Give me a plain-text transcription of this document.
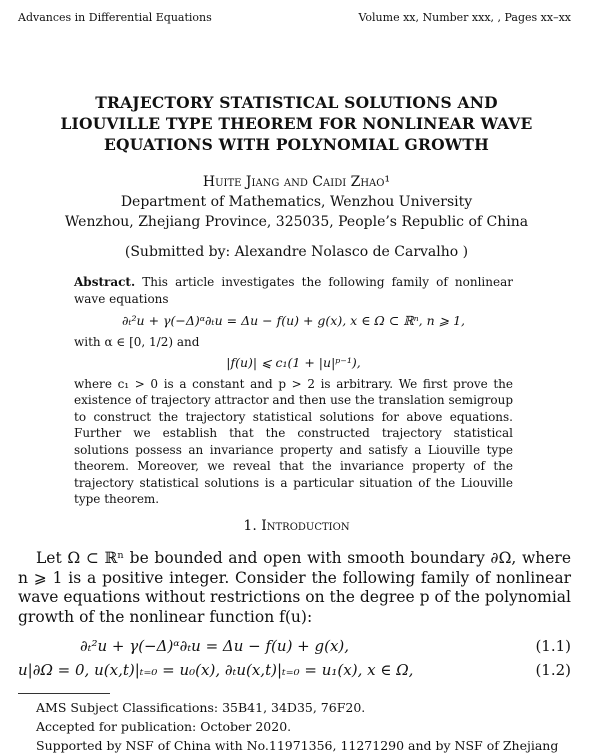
Advances in Differential Equations	Volume xx, Number xxx, , Pages xx–xx
TRAJECTORY STATISTICAL SOLUTIONS AND
LIOUVILLE TYPE THEOREM FOR NONLINEAR WAVE
EQUATIONS WITH POLYNOMIAL GROWTH
Huite Jiang and Caidi Zhao¹
Department of Mathematics, Wenzhou University
Wenzhou, Zhejiang Province, 325035, People’s Republic of China
(Submitted by: Alexandre Nolasco de Carvalho )

Abstract. This article investigates the following family of nonlinear wave equations

∂ₜ²u + γ(−Δ)ᵅ∂ₜu = Δu − f(u) + g(x), x ∈ Ω ⊂ ℝⁿ, n ⩾ 1,

with α ∈ [0, 1/2) and

|f(u)| ⩽ c₁(1 + |u|ᵖ⁻¹),

where c₁ > 0 is a constant and p > 2 is arbitrary. We first prove the existence of trajectory attractor and then use the translation semigroup to construct the trajectory statistical solutions for above equations. Further we establish that the constructed trajectory statistical solutions possess an invariance property and satisfy a Liouville type theorem. Moreover, we reveal that the invariance property of the trajectory statistical solutions is a particular situation of the Liouville type theorem.

1. Introduction

Let Ω ⊂ ℝⁿ be bounded and open with smooth boundary ∂Ω, where n ⩾ 1 is a positive integer. Consider the following family of nonlinear wave equations without restrictions on the degree p of the polynomial growth of the nonlinear function f(u):

∂ₜ²u + γ(−Δ)ᵅ∂ₜu = Δu − f(u) + g(x),	(1.1)
u|∂Ω = 0, u(x,t)|ₜ₌₀ = u₀(x), ∂ₜu(x,t)|ₜ₌₀ = u₁(x), x ∈ Ω,	(1.2)
AMS Subject Classifications: 35B41, 34D35, 76F20.
Accepted for publication: October 2020.
Supported by NSF of China with No.11971356, 11271290 and by NSF of Zhejiang
